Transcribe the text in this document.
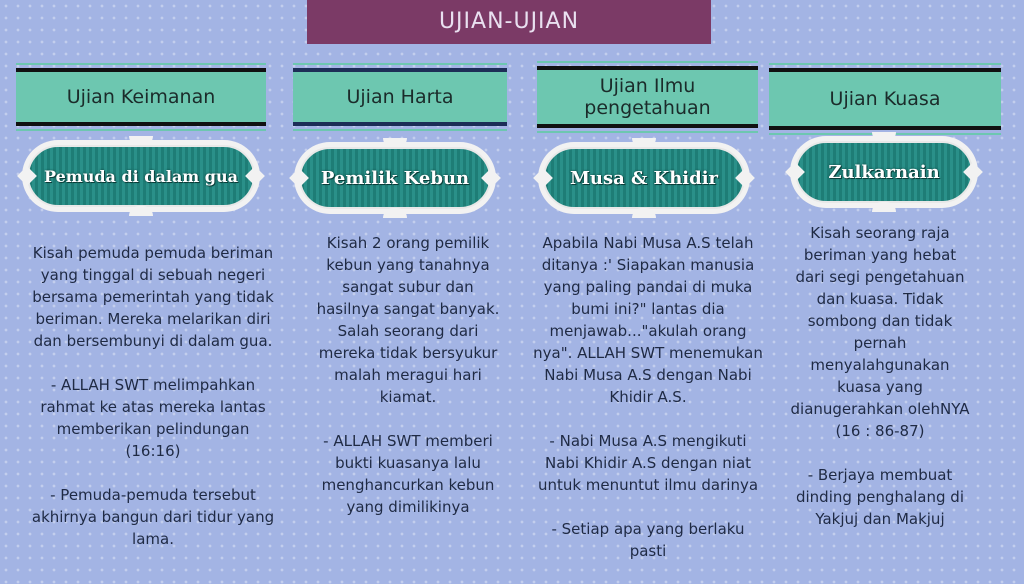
UJIAN-UJIAN
Ujian Keimanan
Pemuda di dalam gua

Kisah pemuda pemuda beriman yang tinggal di sebuah negeri bersama pemerintah yang tidak beriman. Mereka melarikan diri dan bersembunyi di dalam gua.

- ALLAH SWT melimpahkan rahmat ke atas mereka lantas memberikan pelindungan (16:16)

- Pemuda-pemuda tersebut akhirnya bangun dari tidur yang lama.

Ujian Harta
Pemilik Kebun

Kisah 2 orang pemilik kebun yang tanahnya sangat subur dan hasilnya sangat banyak. Salah seorang dari mereka tidak bersyukur malah meragui hari kiamat.

- ALLAH SWT memberi bukti kuasanya lalu menghancurkan kebun yang dimilikinya

Ujian Ilmu pengetahuan
Musa & Khidir

Apabila Nabi Musa A.S telah ditanya :' Siapakan manusia yang paling pandai di muka bumi ini?" lantas dia menjawab..."akulah orang nya". ALLAH SWT menemukan Nabi Musa A.S dengan Nabi Khidir A.S.

- Nabi Musa A.S mengikuti Nabi Khidir A.S dengan niat untuk menuntut ilmu darinya

- Setiap apa yang berlaku pasti

Ujian Kuasa
Zulkarnain

Kisah seorang raja beriman yang hebat dari segi pengetahuan dan kuasa. Tidak sombong dan tidak pernah menyalahgunakan kuasa yang dianugerahkan olehNYA (16 : 86-87)

- Berjaya membuat dinding penghalang di Yakjuj dan Makjuj
